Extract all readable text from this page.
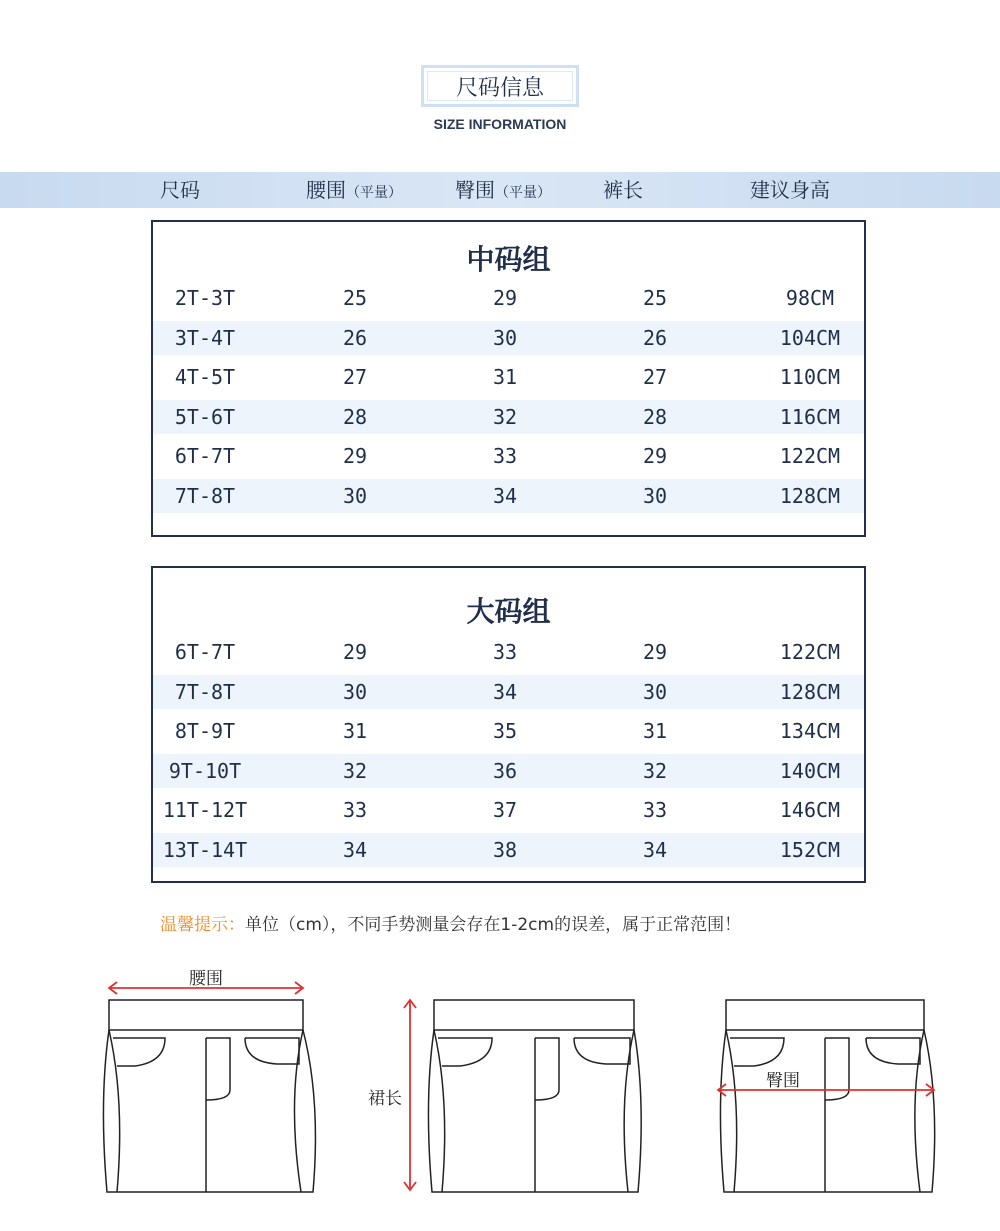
尺码信息
SIZE INFORMATION
尺码	腰围（平量）	臀围（平量）	裤长	建议身高
中码组
2T-3T	25	29	25	98CM
3T-4T	26	30	26	104CM
4T-5T	27	31	27	110CM
5T-6T	28	32	28	116CM
6T-7T	29	33	29	122CM
7T-8T	30	34	30	128CM
大码组
6T-7T	29	33	29	122CM
7T-8T	30	34	30	128CM
8T-9T	31	35	31	134CM
9T-10T	32	36	32	140CM
11T-12T	33	37	33	146CM
13T-14T	34	38	34	152CM
温馨提示：单位（cm），不同手势测量会存在1-2cm的误差，属于正常范围！
腰围
裙长
臀围
